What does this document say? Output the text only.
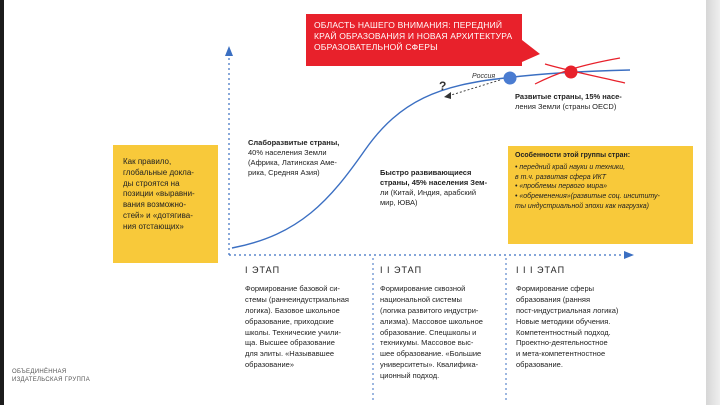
ОБЛАСТЬ НАШЕГО ВНИМАНИЯ: ПЕРЕДНИЙ
КРАЙ ОБРАЗОВАНИЯ И НОВАЯ АРХИТЕКТУРА
ОБРАЗОВАТЕЛЬНОЙ СФЕРЫ
Как правило,
глобальные докла-
ды строятся на
позиции «выравни-
вания возможно-
стей» и «дотягива-
ния отстающих»
Слаборазвитые страны,
40% населения Земли
(Африка, Латинская Аме-
рика, Средняя Азия)	Быстро развивающиеся
страны, 45% населения Зем-
ли (Китай, Индия, арабский
мир, ЮВА)
Развитые страны, 15% насе-
ления Земли (страны OECD)
Россия
?
Особенности этой группы стран:
• передний край науки и техники,
в т.ч. развитая сфера ИКТ
• «проблемы первого мира»
• «обременения»(развитые соц. инсититу-
ты индустриальной эпохи как нагрузка)
I ЭТАП	I I ЭТАП	I I I ЭТАП
Формирование базовой си-
стемы (раннеиндустриальная
логика). Базовое школьное
образование, приходские
школы. Технические учили-
ща. Высшее образование
для элиты. «Называвшее
образование»
Формирование сквозной
национальной системы
(логика развитого индустри-
ализма). Массовое школьное
образование. Спецшколы и
техникумы. Массовое выс-
шее образование. «Большие
университеты». Квалифика-
ционный подход.
Формирование сферы
образования (ранняя
пост-индустриальная логика)
Новые методики обучения.
Компетентностный подход.
Проектно-деятельностное
и мета-компетентностное
образование.
ОБЪЕДИНЁННАЯ
ИЗДАТЕЛЬСКАЯ ГРУППА
